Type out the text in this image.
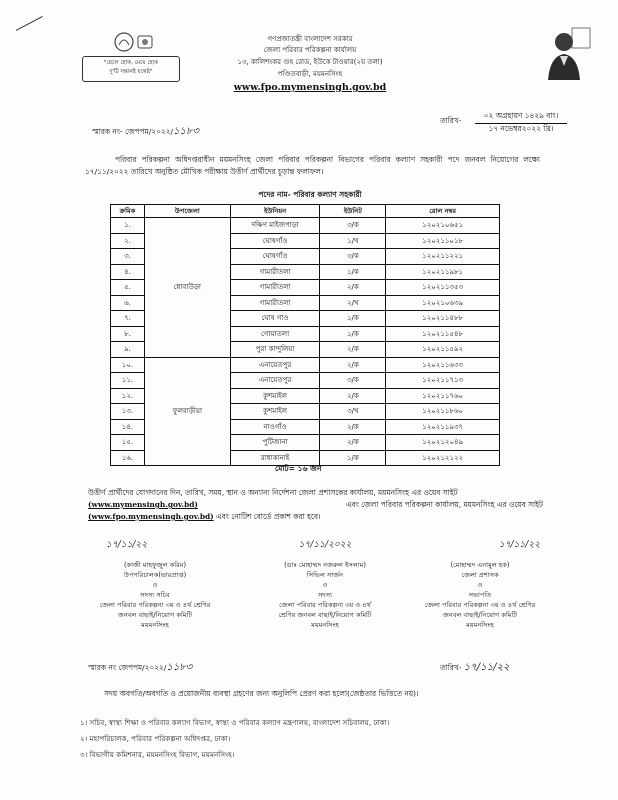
"ছেলে হোক, মেয়ে হোক
দু'টি সন্তানই যথেষ্ট"
গণপ্রজাতন্ত্রী বাংলাদেশ সরকার
জেলা পরিবার পরিকল্পনা কার্যালয়
১৩, কালিশংকর গুহ রোড, ইউকে টাওয়ার(২য় তলা)
পণ্ডিতবাড়ী, ময়মনসিংহ
www.fpo.mymensingh.gov.bd
স্মারক নং- জেপপম/২০২২/১১৮৩
তারিখ-
০২ অগ্রহায়ণ ১৪২৯ বাং।
১৭ নভেম্বর২০২২ খ্রি।
পরিবার পরিকল্পনা অধিদপ্তরাধীন ময়মনসিংহ জেলা পরিবার পরিকল্পনা বিভাগের পরিবার কল্যাণ সহকারী পদে জনবল নিয়োগের লক্ষ্যে ১৭/১১/২০২২ তারিখে অনুষ্ঠিত মৌখিক পরীক্ষায় উত্তীর্ণ প্রার্থীদের চূড়ান্ত ফলাফল।
পদের নাম- পরিবার কল্যাণ সহকারী
ক্রমিক	উপজেলা	ইউনিয়ন	ইউনিট	রোল নম্বর
১.	ধোবাউড়া	দক্ষিণ মাইজপাড়া	৩/ক	১২০২১০৬৫১
২.		ঘোষগাঁও	১/খ	১২০২১১০১৮
৩.		ঘোষগাঁও	৩/ক	১২০২১১২২১
৪.		গামারীতলা	১/ক	১২০২১১৯৮১
৫.		গামারীতলা	২/ক	১২০২১১৩৫৩
৬.		গামারীতলা	২/খ	১২০২১০৬৩৯
৭.		ঘোষ গাও	১/ক	১২০২১১৪৮৮
৮.		গোয়াতলা	১/ক	১২০২১১৫৪৮
৯.		পুরা কান্দুলিয়া	২/ক	১২০২১১৫৯২
১০.	ফুলবাড়ীয়া	এনায়েতপুর	২/ক	১২০২১১৬৩৩
১১.		এনায়েতপুর	৩/ক	১২০২১১৭১৩
১২.		কুশমাইল	২/ক	১২০২১১৭৬০
১৩.		কুশমাইল	৩/খ	১২০২১১৮৬০
১৪.		নাওগাঁও	২/ক	১২০২১১৯৩৭
১৫.		পুটিজানা	২/ক	১২০২১২০৪৯
১৬.		রাধাকানাই	১/ক	১২০২১২১২২
মোট= ১৬ জন
উত্তীর্ণ প্রার্থীদের যোগদানের দিন, তারিখ, সময়, স্থান ও অন্যান্য নির্দেশনা জেলা প্রশাসকের কার্যালয়, ময়মনসিংহ এর ওয়েব সাইট
(www.mymensingh.gov.bd)	এবং জেলা পরিবার পরিকল্পনা কার্যালয়, ময়মনসিংহ এর ওয়েব সাইট
(www.fpo.mymensingh.gov.bd) এবং নোটিশ বোর্ডে প্রকাশ করা হবে।
১৭/১১/২২
(কাজী মাহফুজুল করিম)
উপপরিচালক(ভারপ্রাপ্ত)
ও
সদস্য সচিব
জেলা পরিবার পরিকল্পনা ৩য় ও ৪র্থ শ্রেণির
জনবল বাছাই/নিয়োগ কমিটি
ময়মনসিংহ
১৭/১১/২০২২
(ডাঃ মোহাম্মদ নজরুল ইসলাম)
সিভিল সার্জন
ও
সদস্য
জেলা পরিবার পরিকল্পনা ৩য় ও ৪র্থ
শ্রেণির জনবল বাছাই/নিয়োগ কমিটি
ময়মনসিংহ
১৭/১১/২২
(মোহাম্মদ এনামুল হক)
জেলা প্রশাসক
ও
সভাপতি
জেলা পরিবার পরিকল্পনা ৩য় ও ৪র্থ শ্রেণির
জনবল বাছাই/নিয়োগ কমিটি
ময়মনসিংহ
স্মারক নং জেপপম/২০২২/১১৮৩	তারিখ- ১৭/১১/২২
সদয় অবগতি/অবগতি ও প্রয়োজনীয় ব্যবস্থা গ্রহণের জন্য অনুলিপি প্রেরণ করা হলো(জেষ্ঠতার ভিত্তিতে নয়)।
১। সচিব, স্বাস্থ্য শিক্ষা ও পরিবার কল্যাণ বিভাগ, স্বাস্থ্য ও পরিবার কল্যাণ মন্ত্রণালয়, বাংলাদেশ সচিবালয়, ঢাকা।
২। মহাপরিচালক, পরিবার পরিকল্পনা অধিদপ্তর, ঢাকা।
৩। বিভাগীয় কমিশনার, ময়মনসিংহ বিভাগ, ময়মনসিংহ।
